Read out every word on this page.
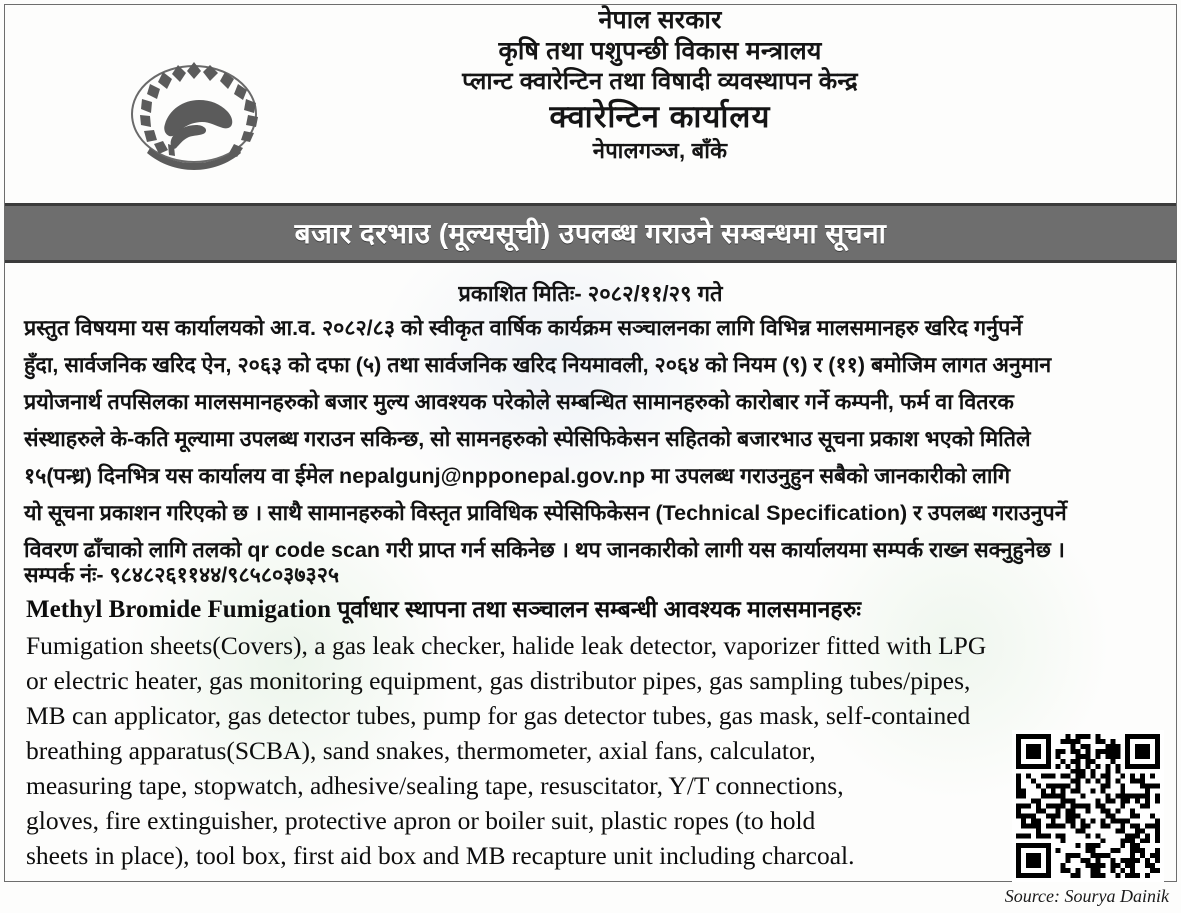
नेपाल सरकार
कृषि तथा पशुपन्छी विकास मन्त्रालय
प्लान्ट क्वारेन्टिन तथा विषादी व्यवस्थापन केन्द्र
क्वारेन्टिन कार्यालय
नेपालगञ्ज, बाँके
बजार दरभाउ (मूल्यसूची) उपलब्ध गराउने सम्बन्धमा सूचना
प्रकाशित मितिः- २०८२/११/२९ गते
प्रस्तुत विषयमा यस कार्यालयको आ.व. २०८२/८३ को स्वीकृत वार्षिक कार्यक्रम सञ्चालनका लागि विभिन्न मालसमानहरु खरिद गर्नुपर्ने
हुँदा, सार्वजनिक खरिद ऐन, २०६३ को दफा (५) तथा सार्वजनिक खरिद नियमावली, २०६४ को नियम (९) र (११) बमोजिम लागत अनुमान
प्रयोजनार्थ तपसिलका मालसमानहरुको बजार मुल्य आवश्यक परेकोले सम्बन्धित सामानहरुको कारोबार गर्ने कम्पनी, फर्म वा वितरक
संस्थाहरुले के-कति मूल्यामा उपलब्ध गराउन सकिन्छ, सो सामनहरुको स्पेसिफिकेसन सहितको बजारभाउ सूचना प्रकाश भएको मितिले
१५(पन्ध्र) दिनभित्र यस कार्यालय वा ईमेल nepalgunj@npponepal.gov.np मा उपलब्ध गराउनुहुन सबैको जानकारीको लागि
यो सूचना प्रकाशन गरिएको छ । साथै सामानहरुको विस्तृत प्राविधिक स्पेसिफिकेसन (Technical Specification) र उपलब्ध गराउनुपर्ने
विवरण ढाँचाको लागि तलको qr code scan गरी प्राप्त गर्न सकिनेछ । थप जानकारीको लागी यस कार्यालयमा सम्पर्क राख्न सक्नुहुनेछ ।
सम्पर्क नंः- ९८४८२६११४४/९८५८०३७३२५
Methyl Bromide Fumigation पूर्वाधार स्थापना तथा सञ्चालन सम्बन्धी आवश्यक मालसमानहरुः
Fumigation sheets(Covers), a gas leak checker, halide leak detector, vaporizer fitted with LPG
or electric heater, gas monitoring equipment, gas distributor pipes, gas sampling tubes/pipes,
MB can applicator, gas detector tubes, pump for gas detector tubes, gas mask, self-contained
breathing apparatus(SCBA), sand snakes, thermometer, axial fans, calculator,
measuring tape, stopwatch, adhesive/sealing tape, resuscitator, Y/T connections,
gloves, fire extinguisher, protective apron or boiler suit, plastic ropes (to hold
sheets in place), tool box, first aid box and MB recapture unit including charcoal.
Source: Sourya Dainik
